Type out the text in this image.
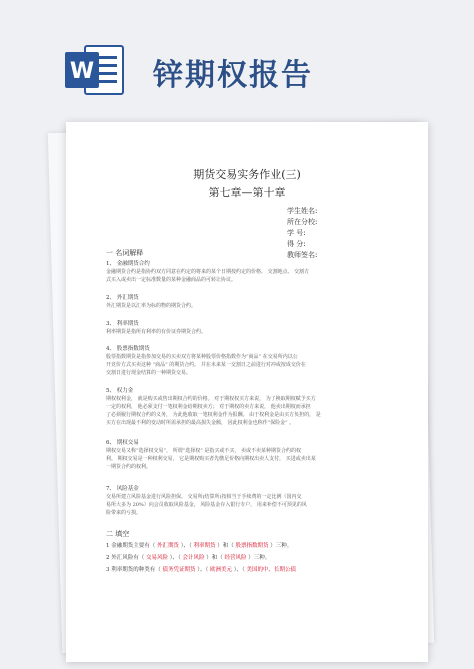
W 锌期权报告
期货交易实务作业(三)
第七章—第十章
学生姓名:
所在分校:
学 号:
得 分:
教师签名:
一 名词解释
1、 金融期货合约
金融期货合约是指协约双方同意在约定的将来的某个日期按约定的价格、 交割地点、 交割方
式买入或卖出一定标准数量的某种金融商品的可转让协议。
2、 外汇期货
外汇期货是以汇率为标的物的期货合约。
3、 利率期货
利率期货是指所有利率的有价证券期货合约。
4、 股票指数期货
股票指数期货是指参加交易的买卖双方将某种股票价格指数作为“商品” 在交易所内以公
开竞价方式买卖这种 “商品” 的期货合约。 并在未来某一交割日之前进行对冲或按成交价在
交割日进行现金结算的一种期货交易。
5、 权力金
期权权利金， 就是购买或售出期权合约的价格。 对于期权权买方来说， 为了换取期权赋予买方
一定的权利， 他必须支付一笔权利金给期权卖方； 对于期权的卖方来说， 他卖出期权而承担
了必须履行期权合约的义务， 为此他收取一笔权利金作为报酬。 由于权利金是由买方负担的， 是
买方在出现最不利的变动时所需承担的最高损失金额， 因此权利金也称作“保险金” 。
6、 期权交易
期权交易又称“选择权交易”， 所谓“选择权” 是指买或不买， 卖或不卖某种期货合约的权
利。 期权交易是一种权利交易， 它是期权购买者先缴足价格向期权出卖人支付， 买进或卖出某
一期货合约的权利。
7、 风险基金
交易所建立风险基金进行风险担保。 交易所(结算所)按相当于手续费的一定比例（国内交
易所大多为 20%）向会员收取风险基金， 风险基金存入银行专户， 用来补偿不可预见的风
险带来的亏损。
二 填空
1 金融期货主要有（ 外汇期货 ）、（ 利率期货 ）和（ 股票指数期货 ）三种。
2 外汇风险有（ 交易风险 ）、（ 会计风险 ）和（ 经营风险 ）三种。
3 利率期货的种类有（ 债务凭证期货 ）、（ 欧洲美元 ）、（ 美国的中、长期公债
